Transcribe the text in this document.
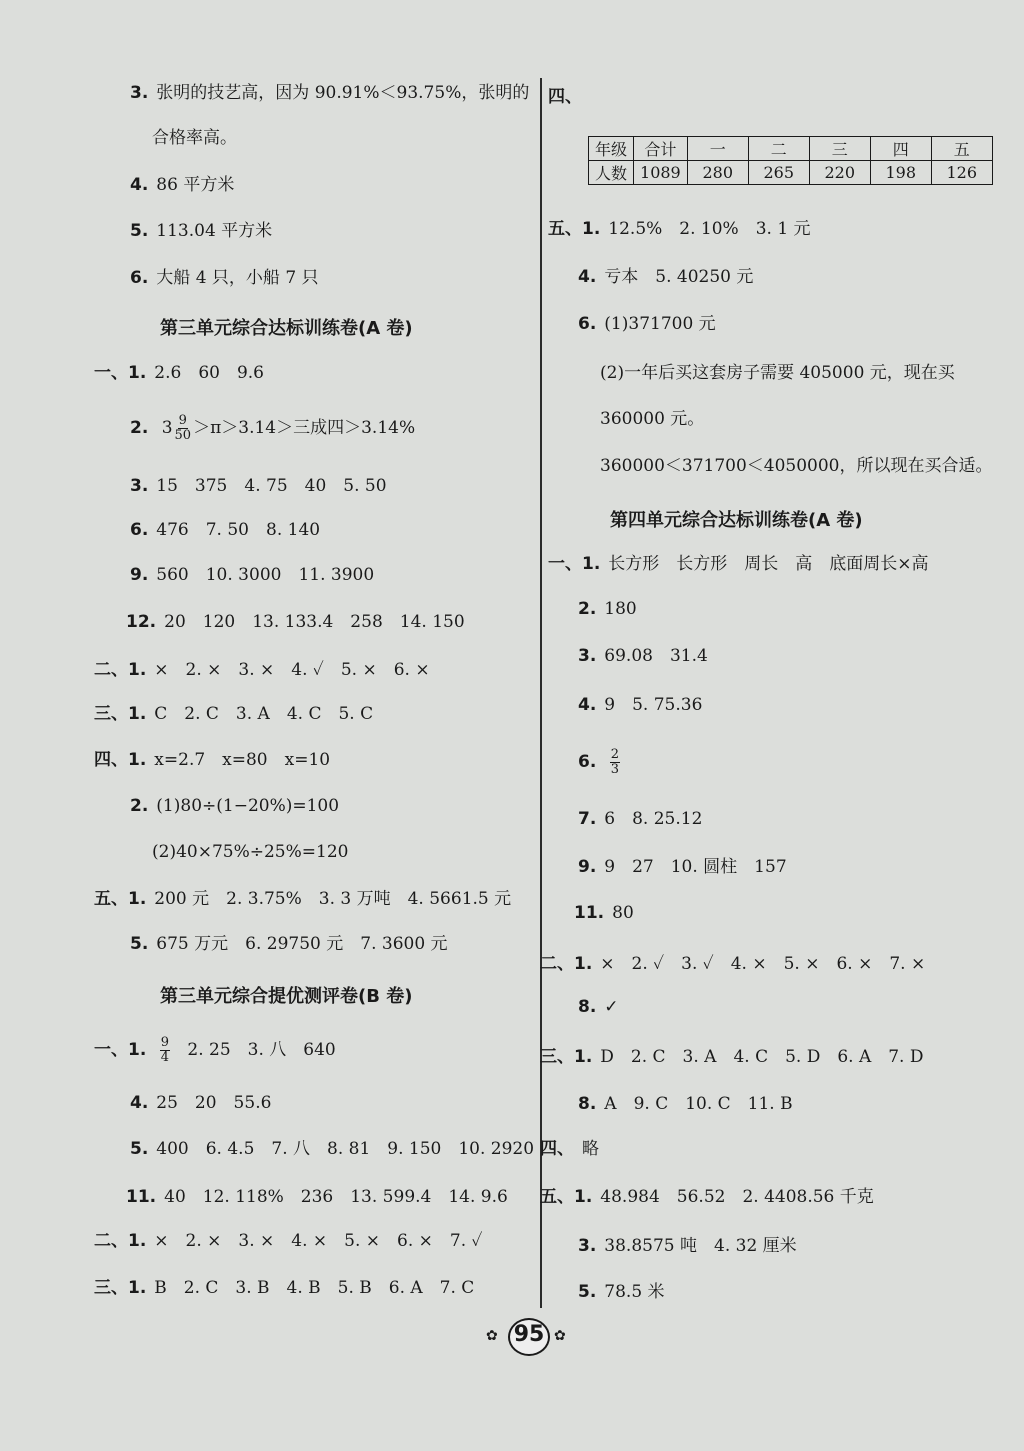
3. 张明的技艺高，因为 90.91%＜93.75%，张明的
合格率高。
4. 86 平方米
5. 113.04 平方米
6. 大船 4 只，小船 7 只
一、1. 2.6　60　9.6
3. 15　375　4. 75　40　5. 50
6. 476　7. 50　8. 140
9. 560　10. 3000　11. 3900
12. 20　120　13. 133.4　258　14. 150
二、1. ×　2. ×　3. ×　4. ✓　5. ×　6. ×
三、1. C　2. C　3. A　4. C　5. C
四、1. x=2.7　x=80　x=10
2. (1)80÷(1−20%)=100
(2)40×75%÷25%=120
五、1. 200 元　2. 3.75%　3. 3 万吨　4. 5661.5 元
5. 675 万元　6. 29750 元　7. 3600 元
4. 25　20　55.6
5. 400　6. 4.5　7. 八　8. 81　9. 150　10. 2920
11. 40　12. 118%　236　13. 599.4　14. 9.6
二、1. ×　2. ×　3. ×　4. ×　5. ×　6. ×　7. ✓
三、1. B　2. C　3. B　4. B　5. B　6. A　7. C
四、
五、1. 12.5%　2. 10%　3. 1 元
4. 亏本　5. 40250 元
6. (1)371700 元
(2)一年后买这套房子需要 405000 元，现在买
360000 元。
360000＜371700＜4050000，所以现在买合适。
一、1. 长方形　长方形　周长　高　底面周长×高
2. 180
3. 69.08　31.4
4. 9　5. 75.36
7. 6　8. 25.12
9. 9　27　10. 圆柱　157
11. 80
二、1. ×　2. ✓　3. ✓　4. ×　5. ×　6. ×　7. ×
8. ✓
三、1. D　2. C　3. A　4. C　5. D　6. A　7. D
8. A　9. C　10. C　11. B
四、 略
五、1. 48.984　56.52　2. 4408.56 千克
3. 38.8575 吨　4. 32 厘米
5. 78.5 米
第三单元综合达标训练卷(A 卷)
第三单元综合提优测评卷(B 卷)
第四单元综合达标训练卷(A 卷)
2. $3 \frac{9}{50} >\pi>3.14>$三成四＞3.14%
一、1. $\frac{9}{4} 2$. 25　3. 八　640
6. $\frac{2}{3}$
年级	合计	一	二	三	四	五
人数	1089	280	265	220	198	126
95
✿	✿
